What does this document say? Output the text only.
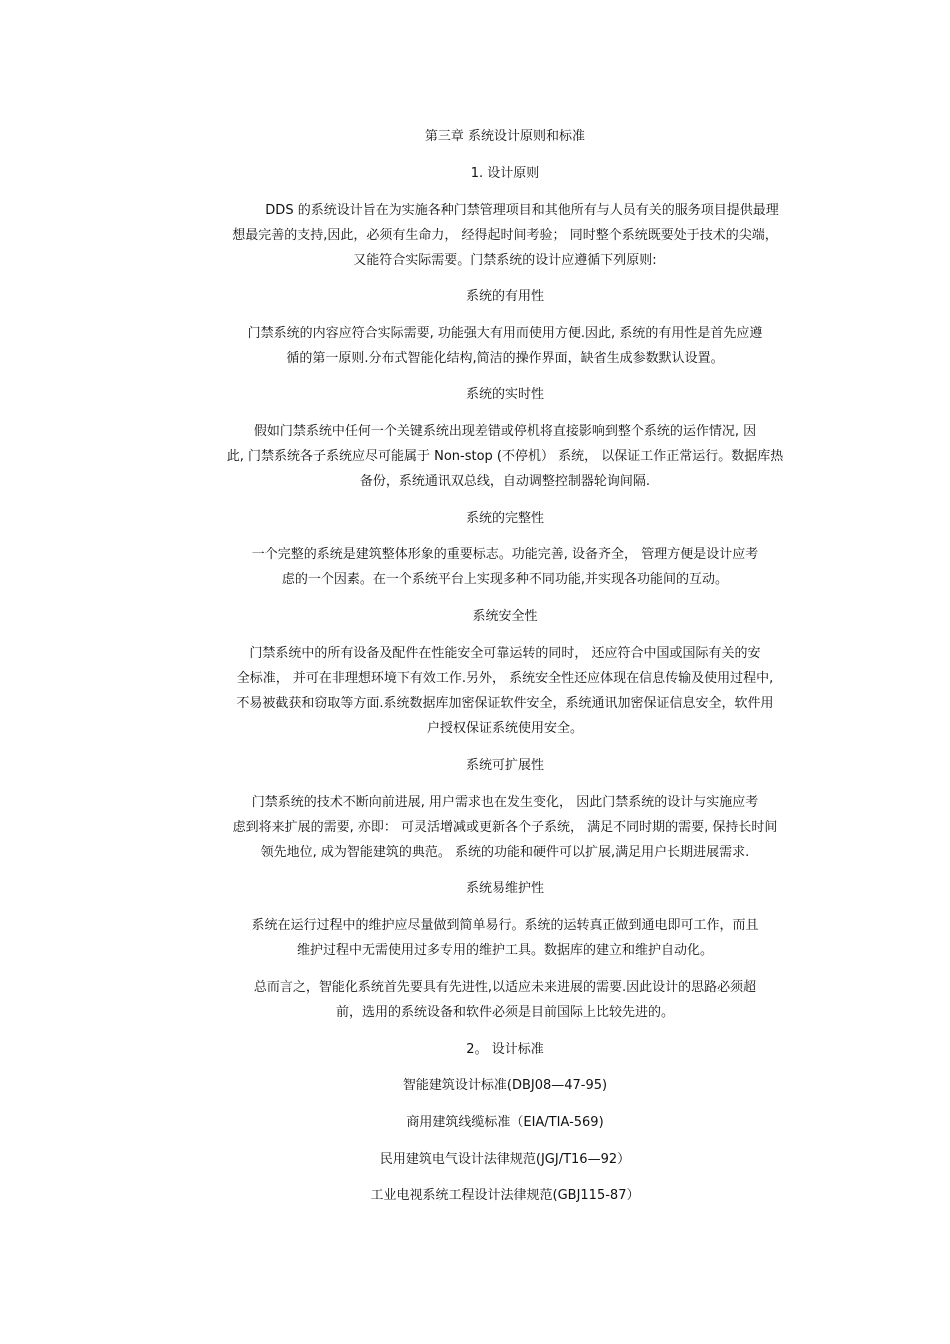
第三章 系统设计原则和标准
1. 设计原则
DDS 的系统设计旨在为实施各种门禁管理项目和其他所有与人员有关的服务项目提供最理
想最完善的支持,因此，必须有生命力， 经得起时间考验； 同时整个系统既要处于技术的尖端，
又能符合实际需要。门禁系统的设计应遵循下列原则:
系统的有用性
门禁系统的内容应符合实际需要, 功能强大有用而使用方便.因此, 系统的有用性是首先应遵
循的第一原则.分布式智能化结构,简洁的操作界面，缺省生成参数默认设置。
系统的实时性
假如门禁系统中任何一个关键系统出现差错或停机将直接影响到整个系统的运作情况, 因
此, 门禁系统各子系统应尽可能属于 Non-stop (不停机） 系统， 以保证工作正常运行。数据库热
备份，系统通讯双总线，自动调整控制器轮询间隔.
系统的完整性
一个完整的系统是建筑整体形象的重要标志。功能完善, 设备齐全， 管理方便是设计应考
虑的一个因素。在一个系统平台上实现多种不同功能,并实现各功能间的互动。
系统安全性
门禁系统中的所有设备及配件在性能安全可靠运转的同时， 还应符合中国或国际有关的安
全标准， 并可在非理想环境下有效工作.另外， 系统安全性还应体现在信息传输及使用过程中,
不易被截获和窃取等方面.系统数据库加密保证软件安全，系统通讯加密保证信息安全，软件用
户授权保证系统使用安全。
系统可扩展性
门禁系统的技术不断向前进展, 用户需求也在发生变化， 因此门禁系统的设计与实施应考
虑到将来扩展的需要, 亦即： 可灵活增减或更新各个子系统， 满足不同时期的需要, 保持长时间
领先地位, 成为智能建筑的典范。 系统的功能和硬件可以扩展,满足用户长期进展需求.
系统易维护性
系统在运行过程中的维护应尽量做到简单易行。系统的运转真正做到通电即可工作，而且
维护过程中无需使用过多专用的维护工具。数据库的建立和维护自动化。
总而言之，智能化系统首先要具有先进性,以适应未来进展的需要.因此设计的思路必须超
前，选用的系统设备和软件必须是目前国际上比较先进的。
2。 设计标准
智能建筑设计标准(DBJ08—47-95)
商用建筑线缆标准（EIA/TIA-569)
民用建筑电气设计法律规范(JGJ/T16—92）
工业电视系统工程设计法律规范(GBJ115-87）
